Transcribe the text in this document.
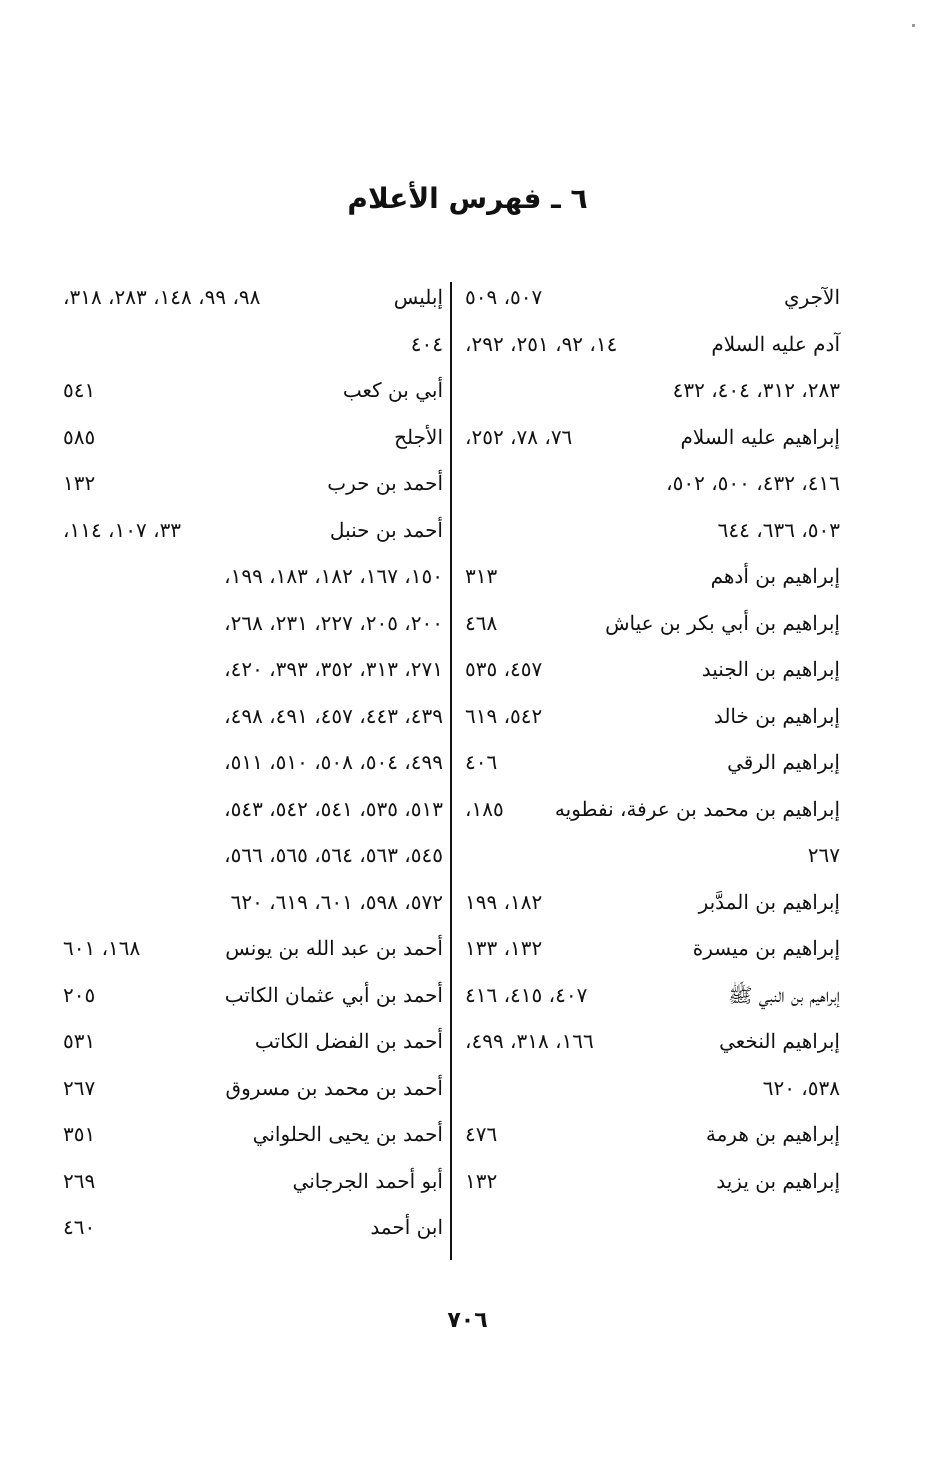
٦ ـ فهرس الأعلام
الآجري
٥٠٧، ٥٠٩
آدم عليه السلام
١٤، ٩٢، ٢٥١، ٢٩٢،
٢٨٣، ٣١٢، ٤٠٤، ٤٣٢
إبراهيم عليه السلام
٧٦، ٧٨، ٢٥٢،
٤١٦، ٤٣٢، ٥٠٠، ٥٠٢،
٥٠٣، ٦٣٦، ٦٤٤
إبراهيم بن أدهم
٣١٣
إبراهيم بن أبي بكر بن عياش
٤٦٨
إبراهيم بن الجنيد
٤٥٧، ٥٣٥
إبراهيم بن خالد
٥٤٢، ٦١٩
إبراهيم الرقي
٤٠٦
إبراهيم بن محمد بن عرفة، نفطويه
١٨٥،
٢٦٧
إبراهيم بن المدَّبر
١٨٢، ١٩٩
إبراهيم بن ميسرة
١٣٢، ١٣٣
إبراهيم بن النبي ﷺ
٤٠٧، ٤١٥، ٤١٦
إبراهيم النخعي
١٦٦، ٣١٨، ٤٩٩،
٥٣٨، ٦٢٠
إبراهيم بن هرمة
٤٧٦
إبراهيم بن يزيد
١٣٢
إبليس
٩٨، ٩٩، ١٤٨، ٢٨٣، ٣١٨،
٤٠٤
أبي بن كعب
٥٤١
الأجلح
٥٨٥
أحمد بن حرب
١٣٢
أحمد بن حنبل
٣٣، ١٠٧، ١١٤،
١٥٠، ١٦٧، ١٨٢، ١٨٣، ١٩٩،
٢٠٠، ٢٠٥، ٢٢٧، ٢٣١، ٢٦٨،
٢٧١، ٣١٣، ٣٥٢، ٣٩٣، ٤٢٠،
٤٣٩، ٤٤٣، ٤٥٧، ٤٩١، ٤٩٨،
٤٩٩، ٥٠٤، ٥٠٨، ٥١٠، ٥١١،
٥١٣، ٥٣٥، ٥٤١، ٥٤٢، ٥٤٣،
٥٤٥، ٥٦٣، ٥٦٤، ٥٦٥، ٥٦٦،
٥٧٢، ٥٩٨، ٦٠١، ٦١٩، ٦٢٠
أحمد بن عبد الله بن يونس
١٦٨، ٦٠١
أحمد بن أبي عثمان الكاتب
٢٠٥
أحمد بن الفضل الكاتب
٥٣١
أحمد بن محمد بن مسروق
٢٦٧
أحمد بن يحيى الحلواني
٣٥١
أبو أحمد الجرجاني
٢٦٩
ابن أحمد
٤٦٠
٧٠٦
